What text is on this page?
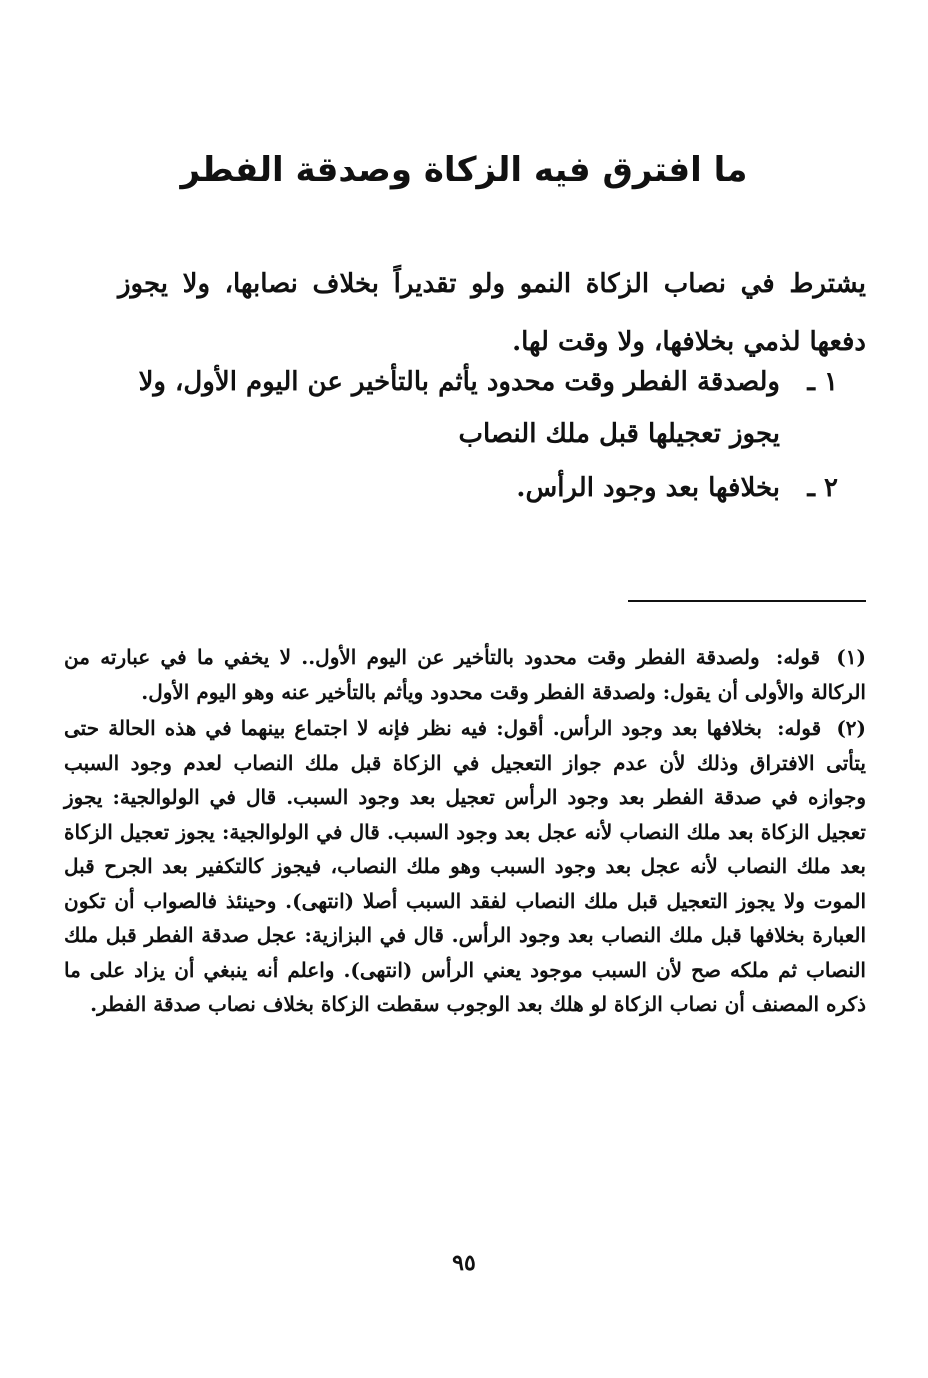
ما افترق فيه الزكاة وصدقة الفطر
يشترط في نصاب الزكاة النمو ولو تقديراً بخلاف نصابها، ولا يجوز دفعها لذمي بخلافها، ولا وقت لها.
١ ـ
ولصدقة الفطر وقت محدود يأثم بالتأخير عن اليوم الأول، ولا يجوز تعجيلها قبل ملك النصاب
٢ ـ
بخلافها بعد وجود الرأس.

(١) قوله: ولصدقة الفطر وقت محدود بالتأخير عن اليوم الأول.. لا يخفي ما في عبارته من الركالة والأولى أن يقول: ولصدقة الفطر وقت محدود ويأثم بالتأخير عنه وهو اليوم الأول.

(٢) قوله: بخلافها بعد وجود الرأس. أقول: فيه نظر فإنه لا اجتماع بينهما في هذه الحالة حتى يتأتى الافتراق وذلك لأن عدم جواز التعجيل في الزكاة قبل ملك النصاب لعدم وجود السبب وجوازه في صدقة الفطر بعد وجود الرأس تعجيل بعد وجود السبب. قال في الولوالجية: يجوز تعجيل الزكاة بعد ملك النصاب لأنه عجل بعد وجود السبب. قال في الولوالجية: يجوز تعجيل الزكاة بعد ملك النصاب لأنه عجل بعد وجود السبب وهو ملك النصاب، فيجوز كالتكفير بعد الجرح قبل الموت ولا يجوز التعجيل قبل ملك النصاب لفقد السبب أصلا (انتهى). وحينئذ فالصواب أن تكون العبارة بخلافها قبل ملك النصاب بعد وجود الرأس. قال في البزازية: عجل صدقة الفطر قبل ملك النصاب ثم ملكه صح لأن السبب موجود يعني الرأس (انتهى). واعلم أنه ينبغي أن يزاد على ما ذكره المصنف أن نصاب الزكاة لو هلك بعد الوجوب سقطت الزكاة بخلاف نصاب صدقة الفطر.

٩٥
